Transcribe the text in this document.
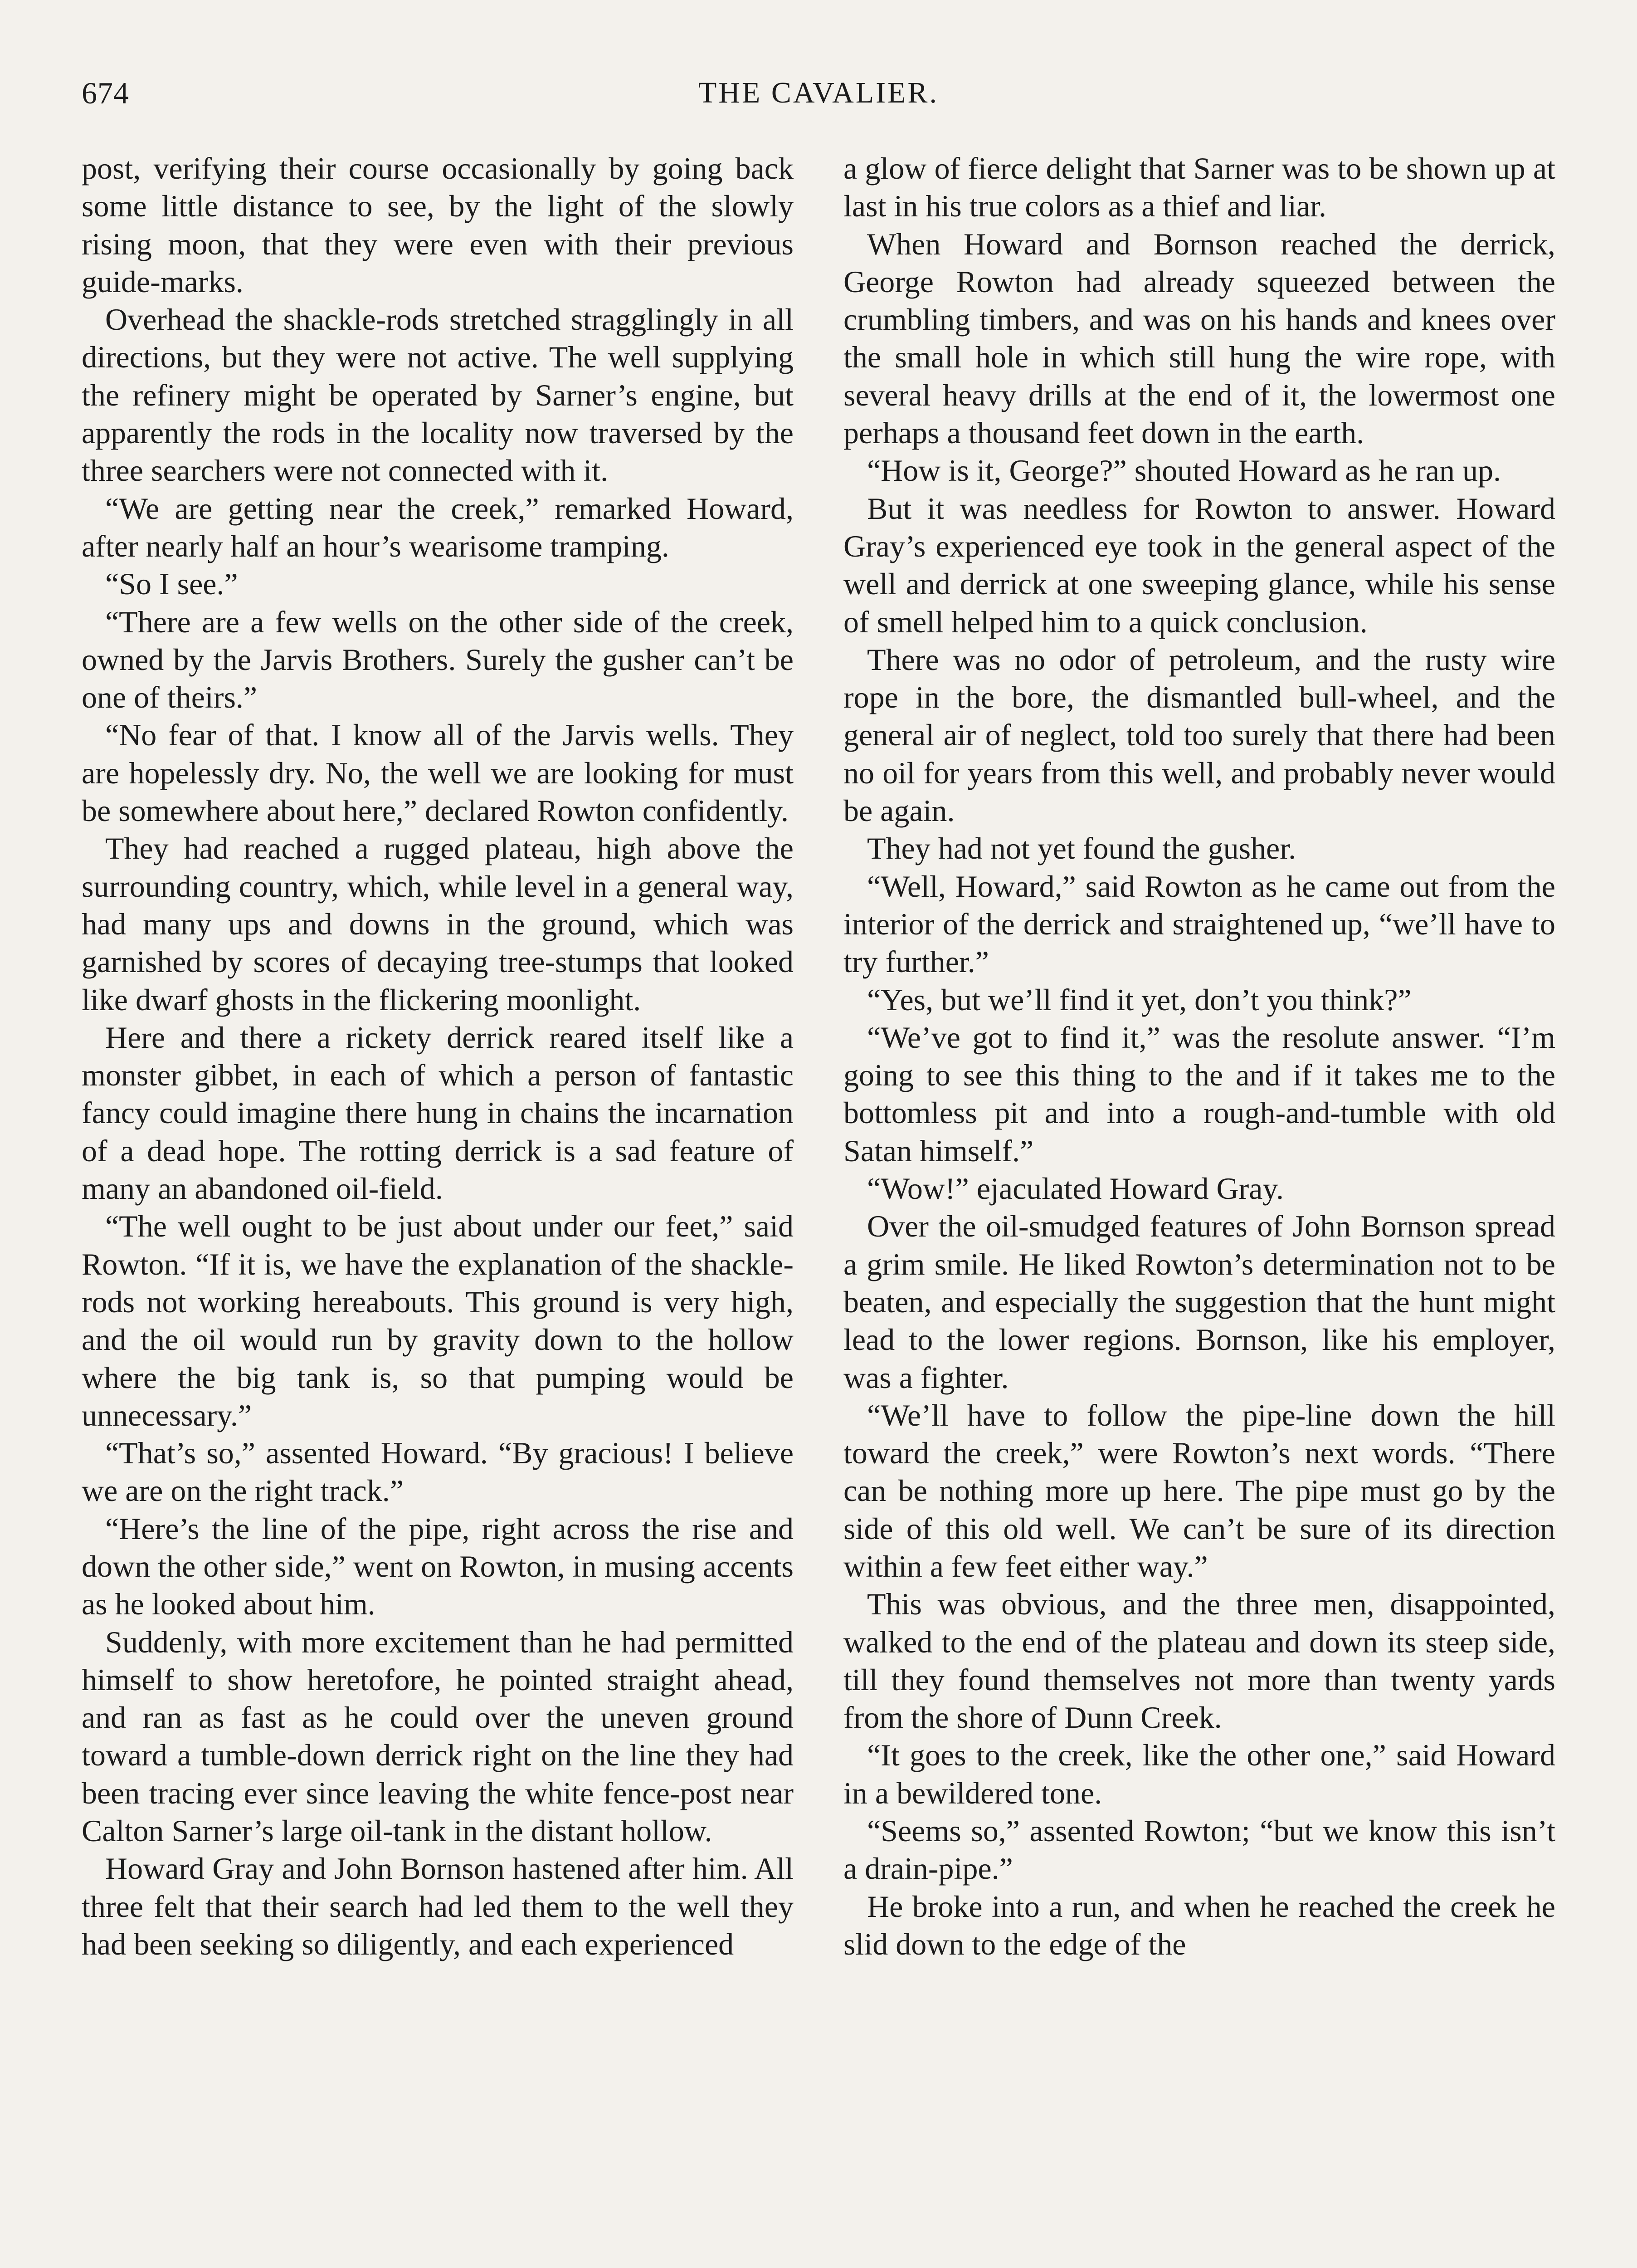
674	THE CAVALIER.

post, verifying their course occasionally by going back some little distance to see, by the light of the slowly rising moon, that they were even with their previous guide-marks.

Overhead the shackle-rods stretched stragglingly in all directions, but they were not active. The well supplying the refinery might be operated by Sarner’s engine, but apparently the rods in the locality now traversed by the three searchers were not connected with it.

“We are getting near the creek,” remarked Howard, after nearly half an hour’s wearisome tramping.

“So I see.”

“There are a few wells on the other side of the creek, owned by the Jarvis Brothers. Surely the gusher can’t be one of theirs.”

“No fear of that. I know all of the Jarvis wells. They are hopelessly dry. No, the well we are looking for must be somewhere about here,” declared Rowton confidently.

They had reached a rugged plateau, high above the surrounding country, which, while level in a general way, had many ups and downs in the ground, which was garnished by scores of decaying tree-stumps that looked like dwarf ghosts in the flickering moonlight.

Here and there a rickety derrick reared itself like a monster gibbet, in each of which a person of fantastic fancy could imagine there hung in chains the incarnation of a dead hope. The rotting derrick is a sad feature of many an abandoned oil-field.

“The well ought to be just about under our feet,” said Rowton. “If it is, we have the explanation of the shackle-rods not working hereabouts. This ground is very high, and the oil would run by gravity down to the hollow where the big tank is, so that pumping would be unnecessary.”

“That’s so,” assented Howard. “By gracious! I believe we are on the right track.”

“Here’s the line of the pipe, right across the rise and down the other side,” went on Rowton, in musing accents as he looked about him.

Suddenly, with more excitement than he had permitted himself to show heretofore, he pointed straight ahead, and ran as fast as he could over the uneven ground toward a tumble-down derrick right on the line they had been tracing ever since leaving the white fence-post near Calton Sarner’s large oil-tank in the distant hollow.

Howard Gray and John Bornson hastened after him. All three felt that their search had led them to the well they had been seeking so diligently, and each experienced

a glow of fierce delight that Sarner was to be shown up at last in his true colors as a thief and liar.

When Howard and Bornson reached the derrick, George Rowton had already squeezed between the crumbling timbers, and was on his hands and knees over the small hole in which still hung the wire rope, with several heavy drills at the end of it, the lowermost one perhaps a thousand feet down in the earth.

“How is it, George?” shouted Howard as he ran up.

But it was needless for Rowton to answer. Howard Gray’s experienced eye took in the general aspect of the well and derrick at one sweeping glance, while his sense of smell helped him to a quick conclusion.

There was no odor of petroleum, and the rusty wire rope in the bore, the dismantled bull-wheel, and the general air of neglect, told too surely that there had been no oil for years from this well, and probably never would be again.

They had not yet found the gusher.

“Well, Howard,” said Rowton as he came out from the interior of the derrick and straightened up, “we’ll have to try further.”

“Yes, but we’ll find it yet, don’t you think?”

“We’ve got to find it,” was the resolute answer. “I’m going to see this thing to the and if it takes me to the bottomless pit and into a rough-and-tumble with old Satan himself.”

“Wow!” ejaculated Howard Gray.

Over the oil-smudged features of John Bornson spread a grim smile. He liked Rowton’s determination not to be beaten, and especially the suggestion that the hunt might lead to the lower regions. Bornson, like his employer, was a fighter.

“We’ll have to follow the pipe-line down the hill toward the creek,” were Rowton’s next words. “There can be nothing more up here. The pipe must go by the side of this old well. We can’t be sure of its direction within a few feet either way.”

This was obvious, and the three men, disappointed, walked to the end of the plateau and down its steep side, till they found themselves not more than twenty yards from the shore of Dunn Creek.

“It goes to the creek, like the other one,” said Howard in a bewildered tone.

“Seems so,” assented Rowton; “but we know this isn’t a drain-pipe.”

He broke into a run, and when he reached the creek he slid down to the edge of the
